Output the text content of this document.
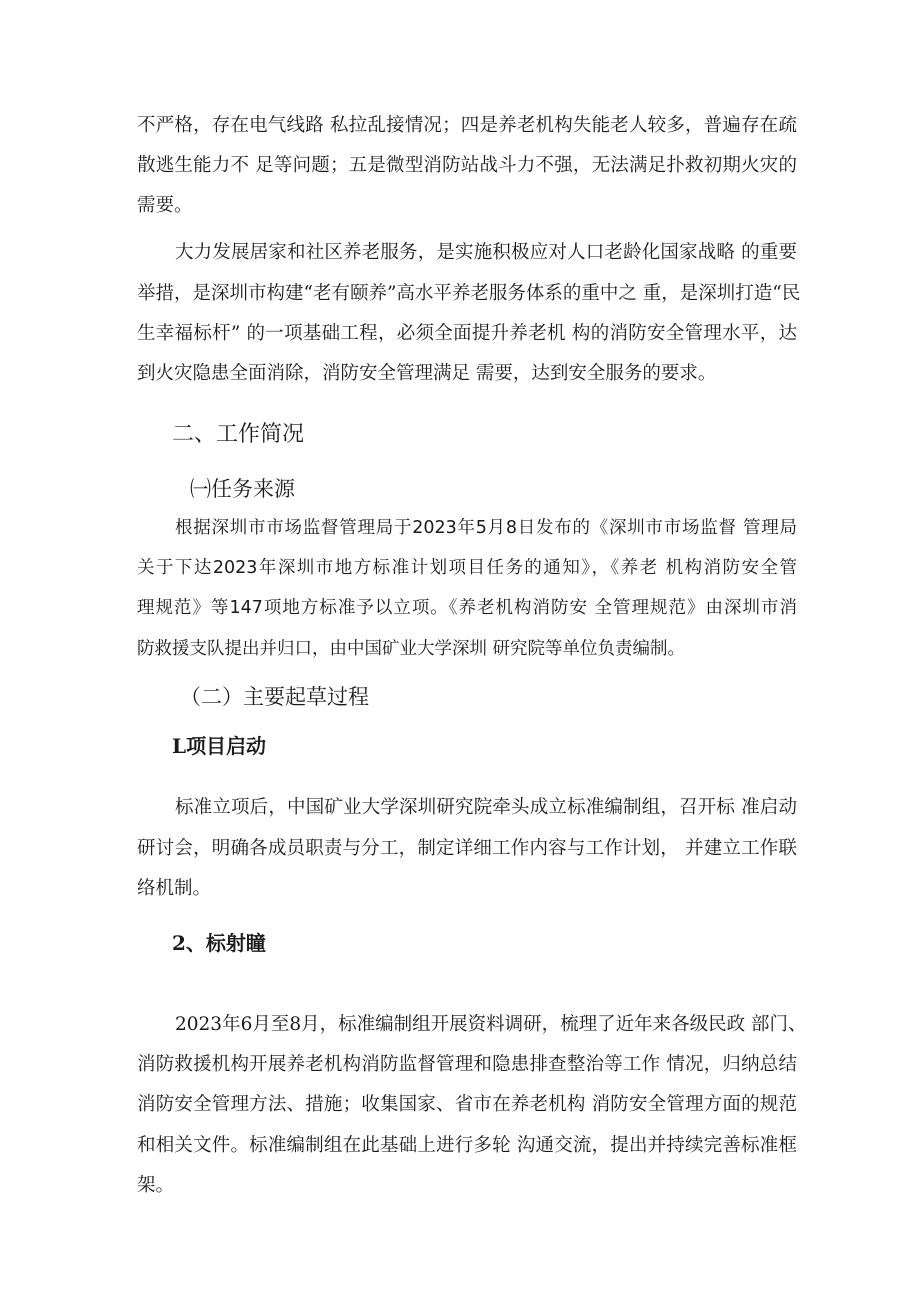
不严格，存在电气线路 私拉乱接情况；四是养老机构失能老人较多，普遍存在疏
散逃生能力不 足等问题；五是微型消防站战斗力不强，无法满足扑救初期火灾的
需要。
大力发展居家和社区养老服务，是实施积极应对人口老龄化国家战略 的重要
举措，是深圳市构建“老有颐养”高水平养老服务体系的重中之 重，是深圳打造“民
生幸福标杆” 的一项基础工程，必须全面提升养老机 构的消防安全管理水平，达
到火灾隐患全面消除，消防安全管理满足 需要，达到安全服务的要求。
二、工作简况
㈠任务来源
根据深圳市市场监督管理局于2023年5月8日发布的《深圳市市场监督 管理局
关于下达2023年深圳市地方标准计划项目任务的通知》，《养老 机构消防安全管
理规范》等147项地方标准予以立项。《养老机构消防安 全管理规范》由深圳市消
防救援支队提出并归口，由中国矿业大学深圳 研究院等单位负责编制。
（二）主要起草过程
L项目启动
标准立项后，中国矿业大学深圳研究院牵头成立标准编制组，召开标 准启动
研讨会，明确各成员职责与分工，制定详细工作内容与工作计划， 并建立工作联
络机制。
2、标射瞳
2023年6月至8月，标准编制组开展资料调研，梳理了近年来各级民政 部门、
消防救援机构开展养老机构消防监督管理和隐患排查整治等工作 情况，归纳总结
消防安全管理方法、措施；收集国家、省市在养老机构 消防安全管理方面的规范
和相关文件。标准编制组在此基础上进行多轮 沟通交流，提出并持续完善标准框
架。
